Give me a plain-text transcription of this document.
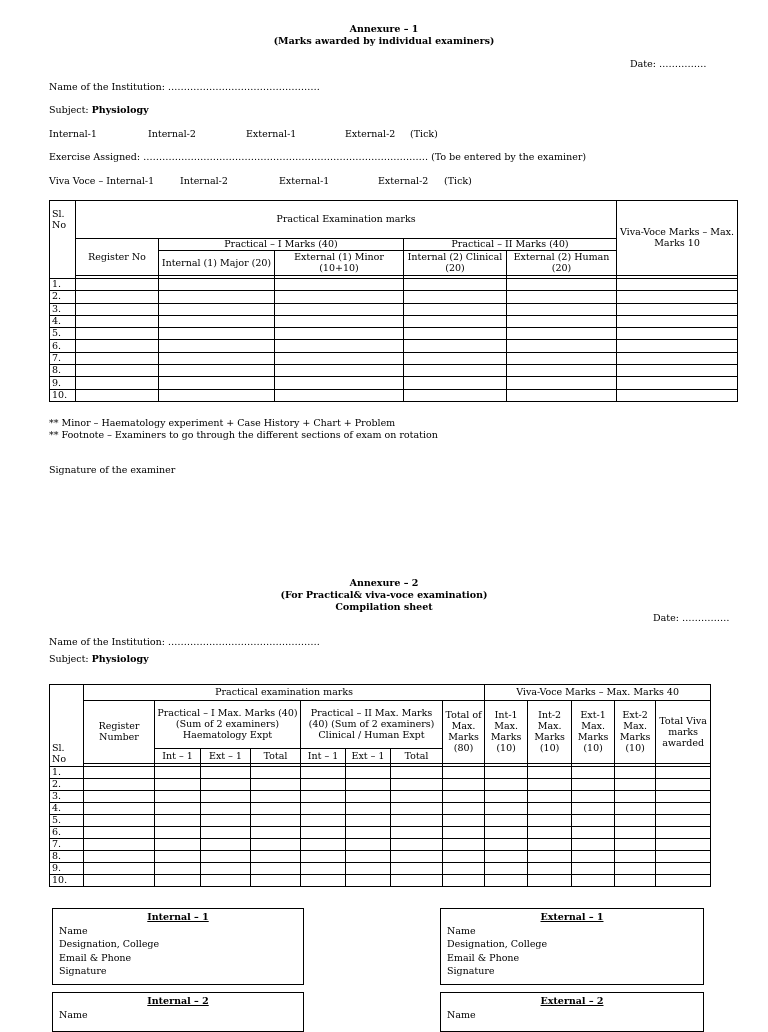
Annexure – 1
(Marks awarded by individual examiners)
Date: ……………
Name of the Institution: …………………………………………
Subject: Physiology
Internal-1	Internal-2	External-1	External-2 (Tick)
Exercise Assigned: ……………………………………………………………………………… (To be entered by the examiner)
Viva Voce – Internal-1	Internal-2	External-1	External-2 (Tick)
Sl. No	Practical Examination marks					Viva-Voce Marks – Max. Marks 10
	Register No	Practical – I Marks (40)		Practical – II Marks (40)		
		Internal (1) Major (20)	External (1) Minor (10+10)	Internal (2) Clinical (20)	External (2) Human (20)	

1.						
2.						
3.						
4.						
5.						
6.						
7.						
8.						
9.						
10.						
** Minor – Haematology experiment + Case History + Chart + Problem
** Footnote – Examiners to go through the different sections of exam on rotation
Signature of the examiner
Annexure – 2
(For Practical& viva-voce examination)
Compilation sheet
Date: ……………
Name of the Institution: …………………………………………
Subject: Physiology
Sl. No	Practical examination marks								Viva-Voce Marks – Max. Marks 40				
	Register Number	Practical – I Max. Marks (40) (Sum of 2 examiners) Haematology Expt			Practical – II Max. Marks (40) (Sum of 2 examiners) Clinical / Human Expt			Total of Max. Marks (80)	Int-1 Max. Marks (10)	Int-2 Max. Marks (10)	Ext-1 Max. Marks (10)	Ext-2 Max. Marks (10)	Total Viva marks awarded
		Int – 1	Ext – 1	Total	Int – 1	Ext – 1	Total						

1.													
2.													
3.													
4.													
5.													
6.													
7.													
8.													
9.													
10.													
Internal – 1
Name
Designation, College
Email & Phone
Signature
External – 1
Name
Designation, College
Email & Phone
Signature
Internal – 2
Name
External – 2
Name
